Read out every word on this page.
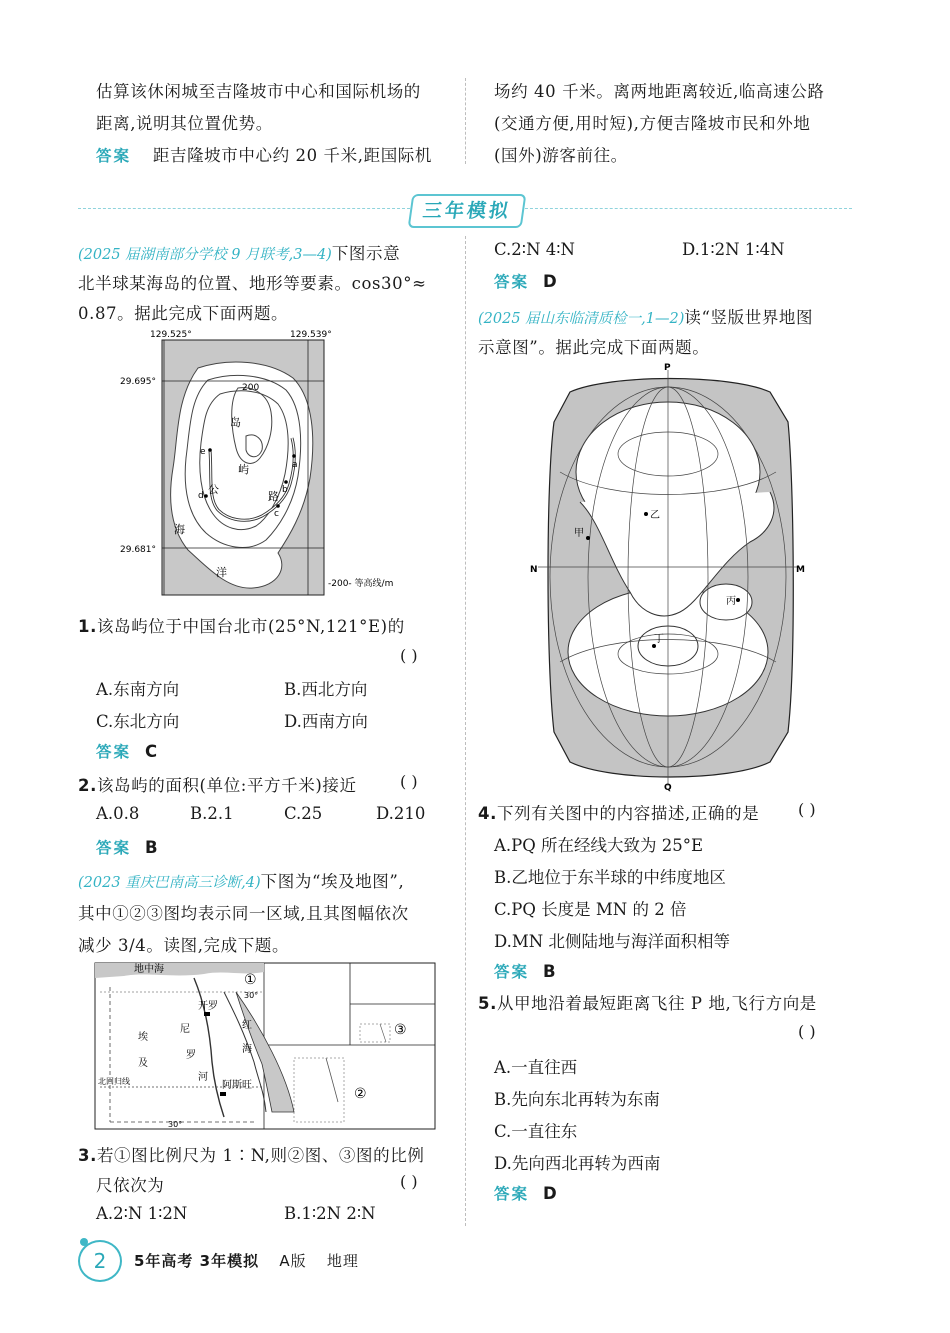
估算该休闲城至吉隆坡市中心和国际机场的
距离,说明其位置优势。
答案 距吉隆坡市中心约 20 千米,距国际机
场约 40 千米。离两地距离较近,临高速公路
(交通方便,用时短),方便吉隆坡市民和外地
(国外)游客前往。
三年模拟
(2025 届湖南部分学校 9 月联考,3—4)下图示意
北半球某海岛的位置、地形等要素。cos30°≈
0.87。据此完成下面两题。
129.525°	129.539°
29.695°
29.681°
200
岛
屿
公
路
海
洋
a
b
c
d
e
-200- 等高线/m
1.该岛屿位于中国台北市(25°N,121°E)的
( )
A.东南方向	B.西北方向
C.东北方向	D.西南方向
答案 C
2.该岛屿的面积(单位:平方千米)接近	( )
A.0.8	B.2.1	C.25	D.210
答案 B
(2023 重庆巴南高三诊断,4)下图为“埃及地图”,
其中①②③图均表示同一区域,且其图幅依次
减少 3/4。读图,完成下题。
地中海
开罗
尼
罗
河
埃
及
红
海
阿斯旺
北回归线
30°
30°
①
②
③
3.若①图比例尺为 1∶N,则②图、③图的比例
尺依次为	( )
A.2∶N 1∶2N	B.1∶2N 2∶N
C.2∶N 4∶N	D.1∶2N 1∶4N
答案 D
(2025 届山东临清质检一,1—2)读“竖版世界地图
示意图”。据此完成下面两题。
P
Q
M
N
甲
乙
丙
丁
4.下列有关图中的内容描述,正确的是 ( )
A.PQ 所在经线大致为 25°E
B.乙地位于东半球的中纬度地区
C.PQ 长度是 MN 的 2 倍
D.MN 北侧陆地与海洋面积相等
答案 B
5.从甲地沿着最短距离飞往 P 地,飞行方向是
( )
A.一直往西
B.先向东北再转为东南
C.一直往东
D.先向西北再转为西南
答案 D
2	5年高考 3年模拟 A版 地理
